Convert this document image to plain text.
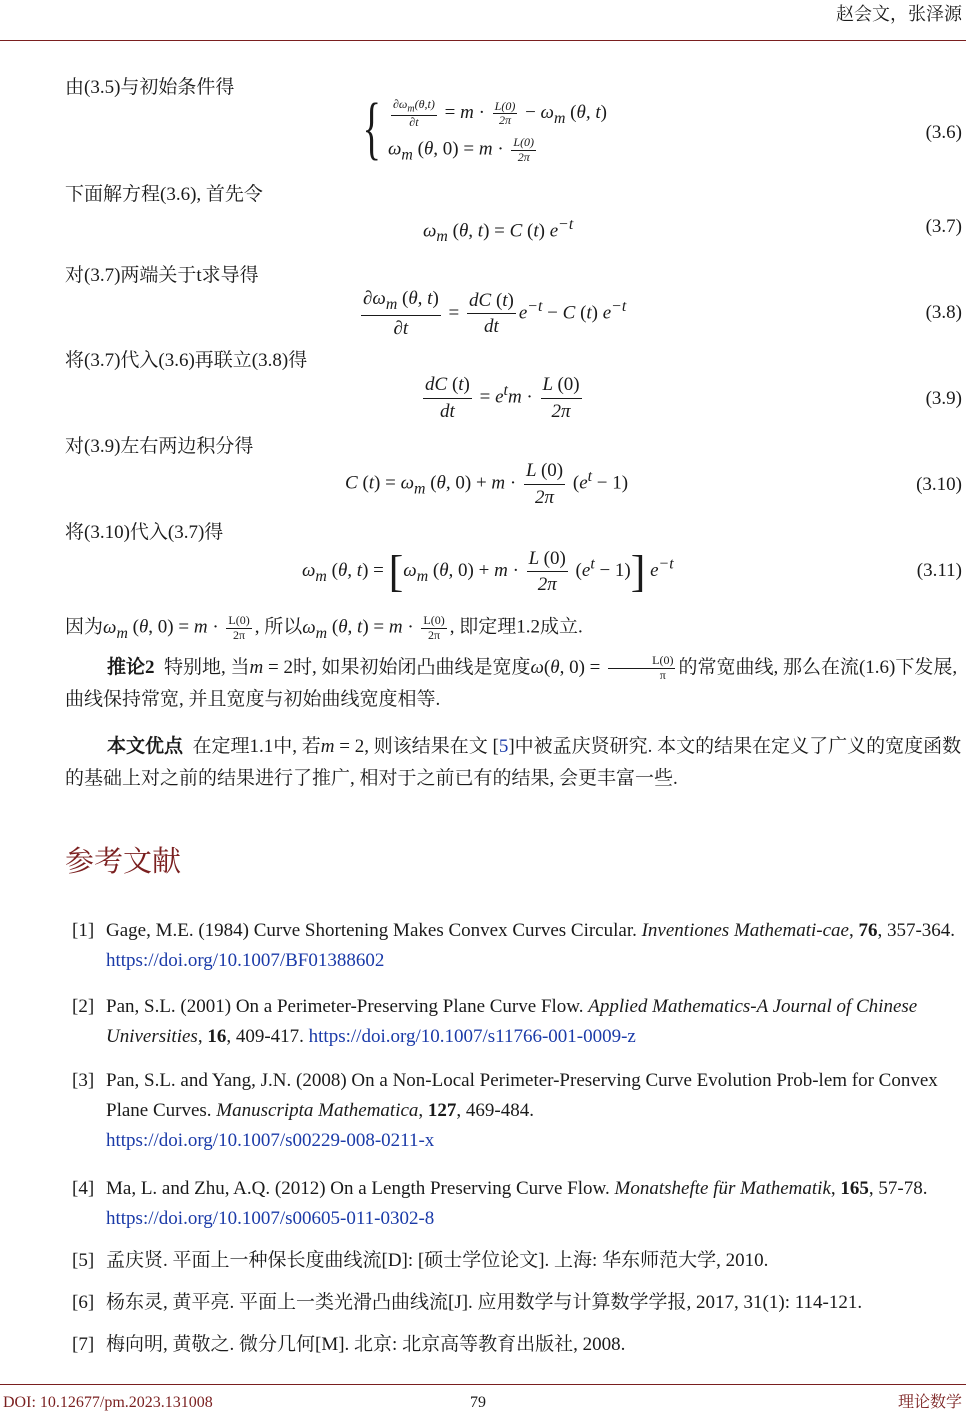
赵会文，张泽源
由(3.5)与初始条件得
{ $\frac{\partial\omega_m(\theta,t)}{\partial t} = m \cdot \frac{L(0)}{2\pi} - \omega_m$ (θ, t)
$\omega_m$ (θ, $0) = m \cdot \frac{L(0)}{2\pi}$
(3.6)
下面解方程(3.6), 首先令
$\omega_m$ (θ, t) = C (t) $e^{-t}$	(3.7)
对(3.7)两端关于t求导得
$\frac{\partial\omega_m (\theta, t)}{\partial t} = \frac{dC (t)}{dt} e^{-t} - C$ (t) $e^{-t}$	(3.8)
将(3.7)代入(3.6)再联立(3.8)得
$\frac{dC (t)}{dt} = e^tm \cdot \frac{L (0)}{2\pi}$	(3.9)
对(3.9)左右两边积分得
C $(t) = \omega_m$ (θ, $0) + m \cdot \frac{L (0)}{2\pi} (e^t - 1)$	(3.10)
将(3.10)代入(3.7)得
$\omega_m$ (θ, $t) = [\omega_m$ (θ, $0) + m \cdot \frac{L (0)}{2\pi} (e^t - 1)$] $e^{-t}$	(3.11)
因为$\omega_m$ (θ, $0) = m \cdot \frac{L(0)}{2\pi}$ , 所以$\omega_m$ (θ, $t) = m \cdot \frac{L(0)}{2\pi}$ , 即定理1.2成立.
推论2 特别地, 当m = 2时, 如果初始闭凸曲线是宽度ω(θ, $0) = \frac{L(0)}{\pi}$ 的常宽曲线, 那么在流(1.6)下发展, 曲线保持常宽, 并且宽度与初始曲线宽度相等.
本文优点 在定理1.1中, 若m = 2, 则该结果在文 [5]中被孟庆贤研究. 本文的结果在定义了广义的宽度函数的基础上对之前的结果进行了推广, 相对于之前已有的结果, 会更丰富一些.
参考文献
[1] Gage, M.E. (1984) Curve Shortening Makes Convex Curves Circular. Inventiones Mathemati-cae, 76, 357-364. https://doi.org/10.1007/BF01388602
[2] Pan, S.L. (2001) On a Perimeter-Preserving Plane Curve Flow. Applied Mathematics-A Journal of Chinese Universities, 16, 409-417. https://doi.org/10.1007/s11766-001-0009-z
[3] Pan, S.L. and Yang, J.N. (2008) On a Non-Local Perimeter-Preserving Curve Evolution Prob-lem for Convex Plane Curves. Manuscripta Mathematica, 127, 469-484.
https://doi.org/10.1007/s00229-008-0211-x
[4] Ma, L. and Zhu, A.Q. (2012) On a Length Preserving Curve Flow. Monatshefte für Mathematik, 165, 57-78. https://doi.org/10.1007/s00605-011-0302-8
[5] 孟庆贤. 平面上一种保长度曲线流[D]: [硕士学位论文]. 上海: 华东师范大学, 2010.
[6] 杨东灵, 黄平亮. 平面上一类光滑凸曲线流[J]. 应用数学与计算数学学报, 2017, 31(1): 114-121.
[7] 梅向明, 黄敬之. 微分几何[M]. 北京: 北京高等教育出版社, 2008.
DOI: 10.12677/pm.2023.131008	79	理论数学
